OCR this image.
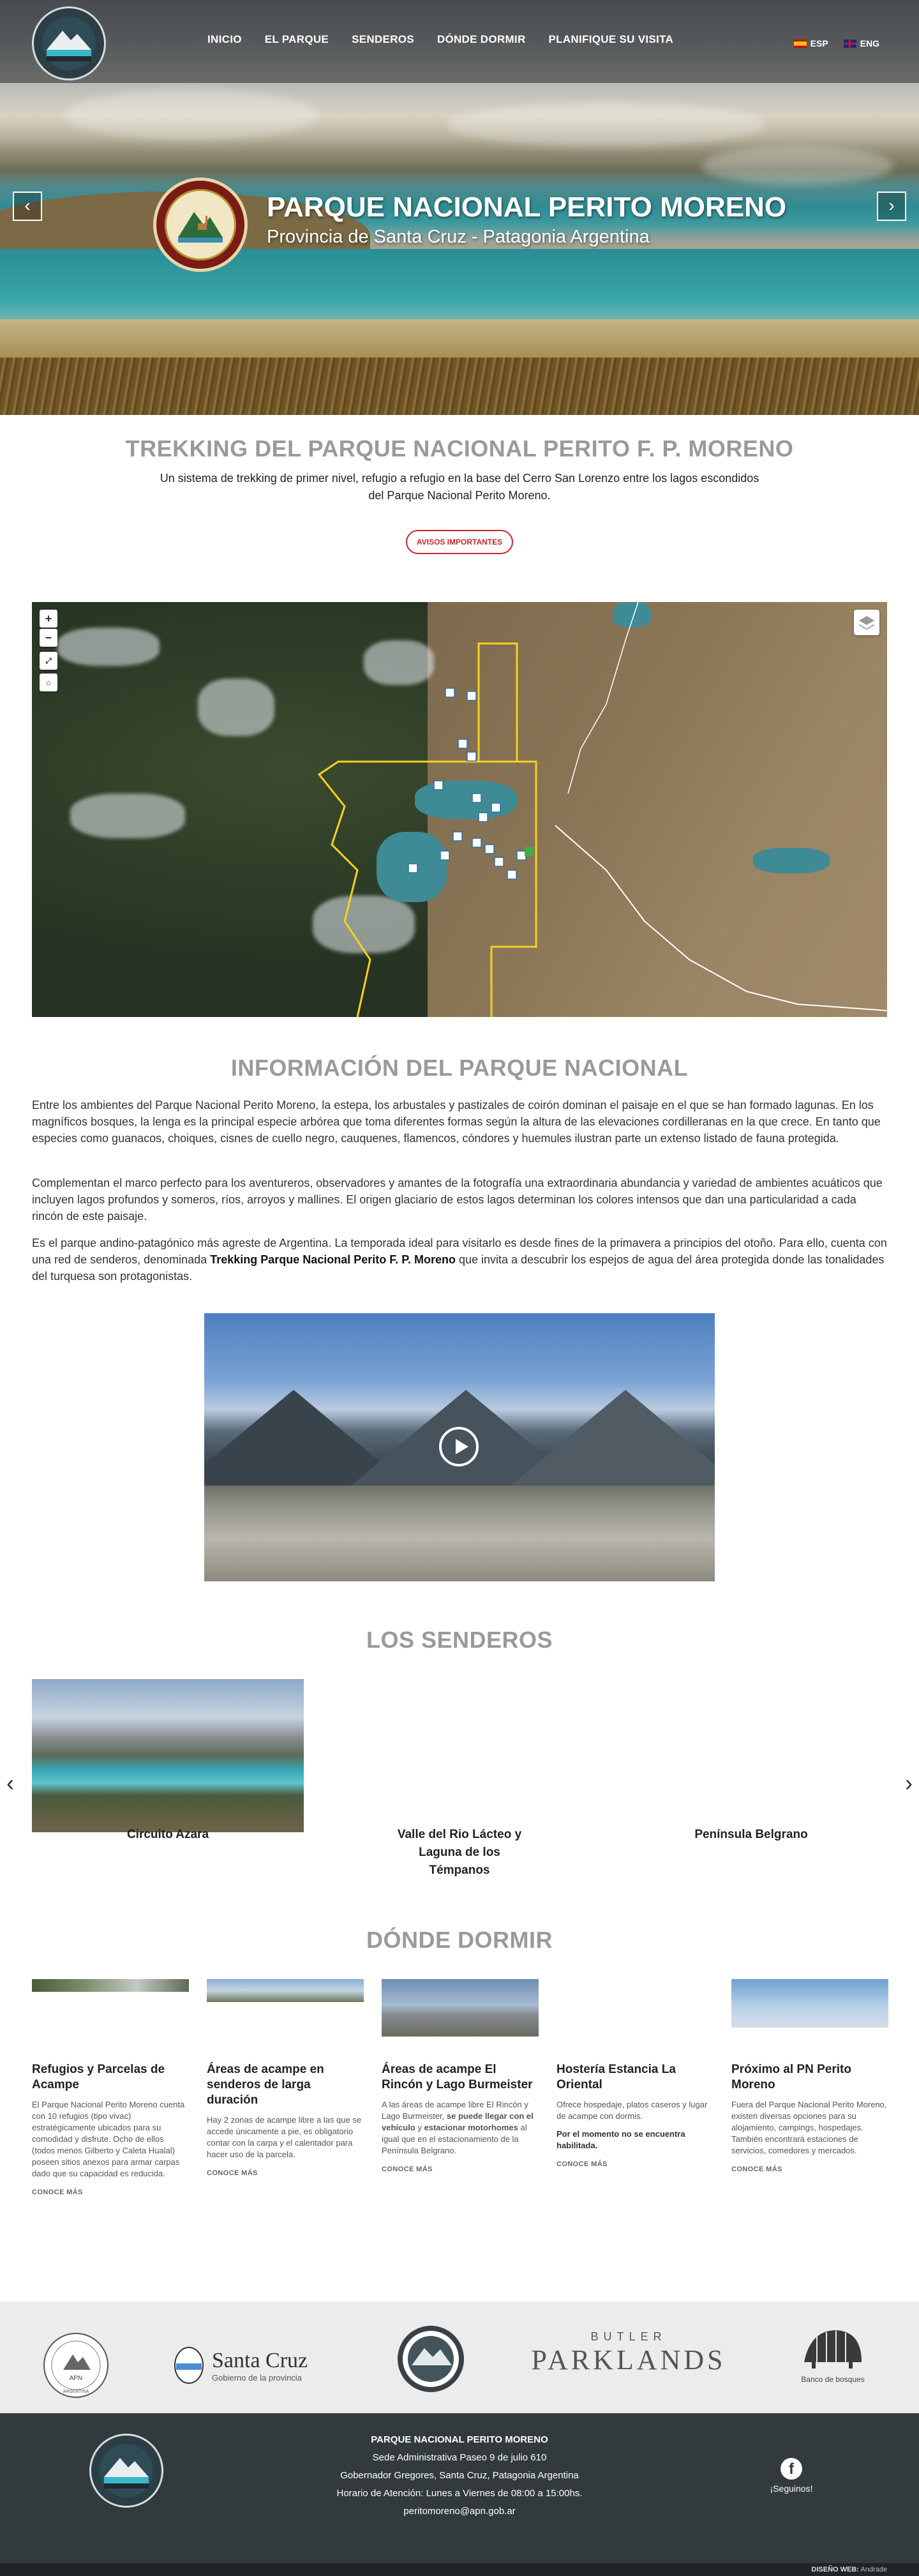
INICIO EL PARQUE SENDEROS DÓNDE DORMIR PLANIFIQUE SU VISITA	ESP	ENG
‹	›
PARQUE NACIONAL PERITO MORENO
Provincia de Santa Cruz - Patagonia Argentina
TREKKING DEL PARQUE NACIONAL PERITO F. P. MORENO
Un sistema de trekking de primer nivel, refugio a refugio en la base del Cerro San Lorenzo entre los lagos escondidos del Parque Nacional Perito Moreno.
AVISOS IMPORTANTES
+
−
⤢
⌂
INFORMACIÓN DEL PARQUE NACIONAL

Entre los ambientes del Parque Nacional Perito Moreno, la estepa, los arbustales y pastizales de coirón dominan el paisaje en el que se han formado lagunas. En los magníficos bosques, la lenga es la principal especie arbórea que toma diferentes formas según la altura de las elevaciones cordilleranas en la que crece. En tanto que especies como guanacos, choiques, cisnes de cuello negro, cauquenes, flamencos, cóndores y huemules ilustran parte un extenso listado de fauna protegida.

Complementan el marco perfecto para los aventureros, observadores y amantes de la fotografía una extraordinaria abundancia y variedad de ambientes acuáticos que incluyen lagos profundos y someros, ríos, arroyos y mallines. El origen glaciario de estos lagos determinan los colores intensos que dan una particularidad a cada rincón de este paisaje.

Es el parque andino-patagónico más agreste de Argentina. La temporada ideal para visitarlo es desde fines de la primavera a principios del otoño. Para ello, cuenta con una red de senderos, denominada Trekking Parque Nacional Perito F. P. Moreno que invita a descubrir los espejos de agua del área protegida donde las tonalidades del turquesa son protagonistas.

LOS SENDEROS
‹	›
Circuito Azara	Valle del Rio Lácteo y Laguna de los Témpanos
Península Belgrano
DÓNDE DORMIR
Refugios y Parcelas de Acampe

El Parque Nacional Perito Moreno cuenta con 10 refugios (tipo vivac) estratégicamente ubicados para su comodidad y disfrute. Ocho de ellos (todos menos Gilberto y Caleta Hualal) poseen sitios anexos para armar carpas dado que su capacidad es reducida.

CONOCE MÁS
Áreas de acampe en senderos de larga duración

Hay 2 zonas de acampe libre a las que se accede únicamente a pie, es obligatorio contar con la carpa y el calentador para hacer uso de la parcela.

CONOCE MÁS
Áreas de acampe El Rincón y Lago Burmeister

A las áreas de acampe libre El Rincón y Lago Burmeister, se puede llegar con el vehículo y estacionar motorhomes al igual que en el estacionamiento de la Península Belgrano.

CONOCE MÁS
Hostería Estancia La Oriental

Ofrece hospedaje, platos caseros y lugar de acampe con dormis.

Por el momento no se encuentra habilitada.

CONOCE MÁS
Próximo al PN Perito Moreno

Fuera del Parque Nacional Perito Moreno, existen diversas opciones para su alojamiento, campings, hospedajes. También encontrará estaciones de servicios, comedores y mercados.

CONOCE MÁS
APN
ARGENTINA
Santa Cruz
Gobierno de la provincia
BUTLER
PARKLANDS
Banco de bosques
PARQUE NACIONAL PERITO MORENO
Sede Administrativa Paseo 9 de julio 610
Gobernador Gregores, Santa Cruz, Patagonia Argentina
Horario de Atención: Lunes a Viernes de 08:00 a 15:00hs.
peritomoreno@apn.gob.ar
f
¡Seguinos!
DISEÑO WEB: Andrade
